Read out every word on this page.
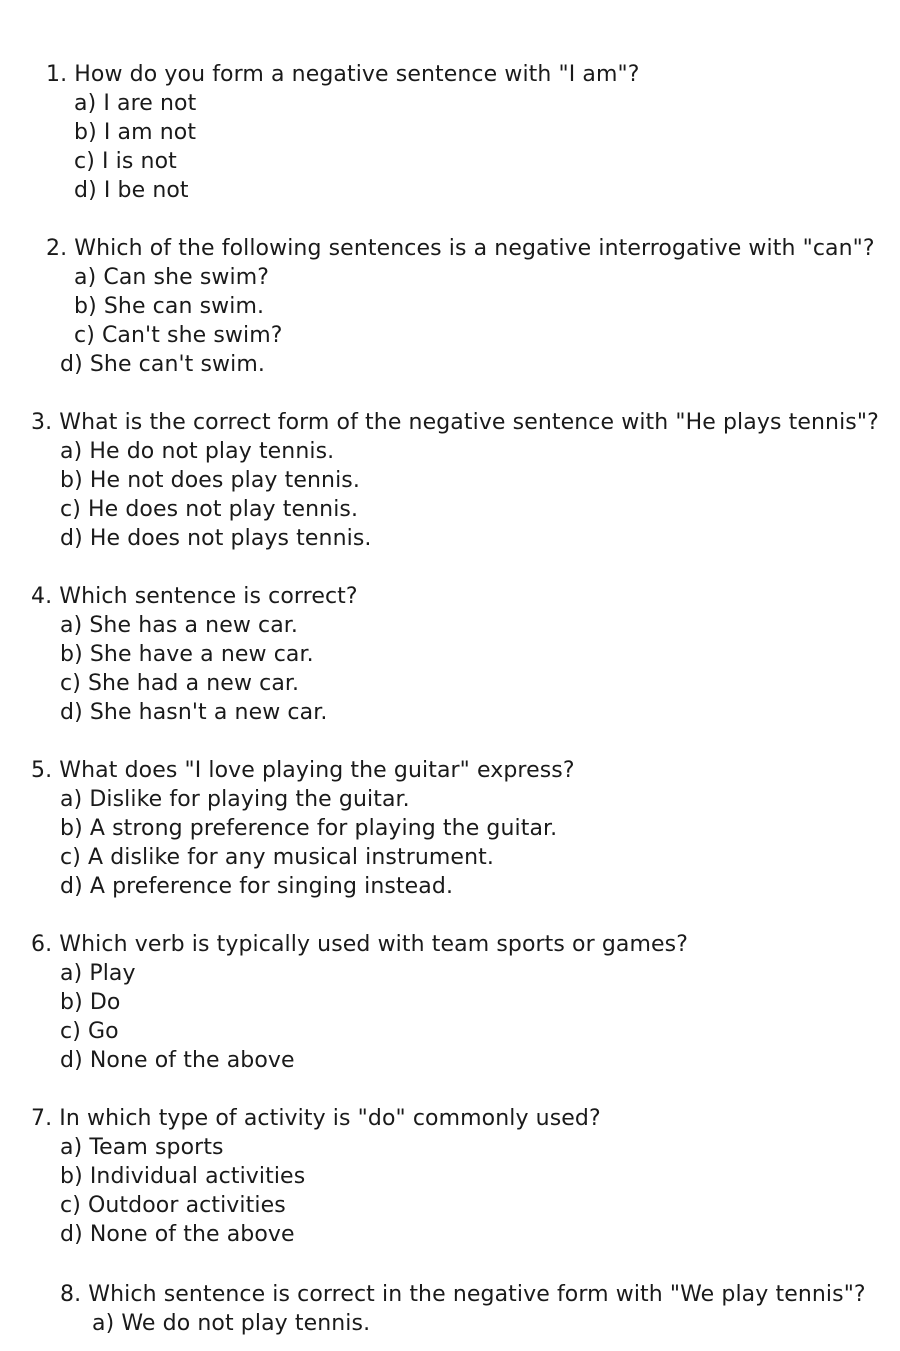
1. How do you form a negative sentence with "I am"?
a) I are not
b) I am not
c) I is not
d) I be not
2. Which of the following sentences is a negative interrogative with "can"?
a) Can she swim?
b) She can swim.
c) Can't she swim?
d) She can't swim.
3. What is the correct form of the negative sentence with "He plays tennis"?
a) He do not play tennis.
b) He not does play tennis.
c) He does not play tennis.
d) He does not plays tennis.
4. Which sentence is correct?
a) She has a new car.
b) She have a new car.
c) She had a new car.
d) She hasn't a new car.
5. What does "I love playing the guitar" express?
a) Dislike for playing the guitar.
b) A strong preference for playing the guitar.
c) A dislike for any musical instrument.
d) A preference for singing instead.
6. Which verb is typically used with team sports or games?
a) Play
b) Do
c) Go
d) None of the above
7. In which type of activity is "do" commonly used?
a) Team sports
b) Individual activities
c) Outdoor activities
d) None of the above
8. Which sentence is correct in the negative form with "We play tennis"?
a) We do not play tennis.
